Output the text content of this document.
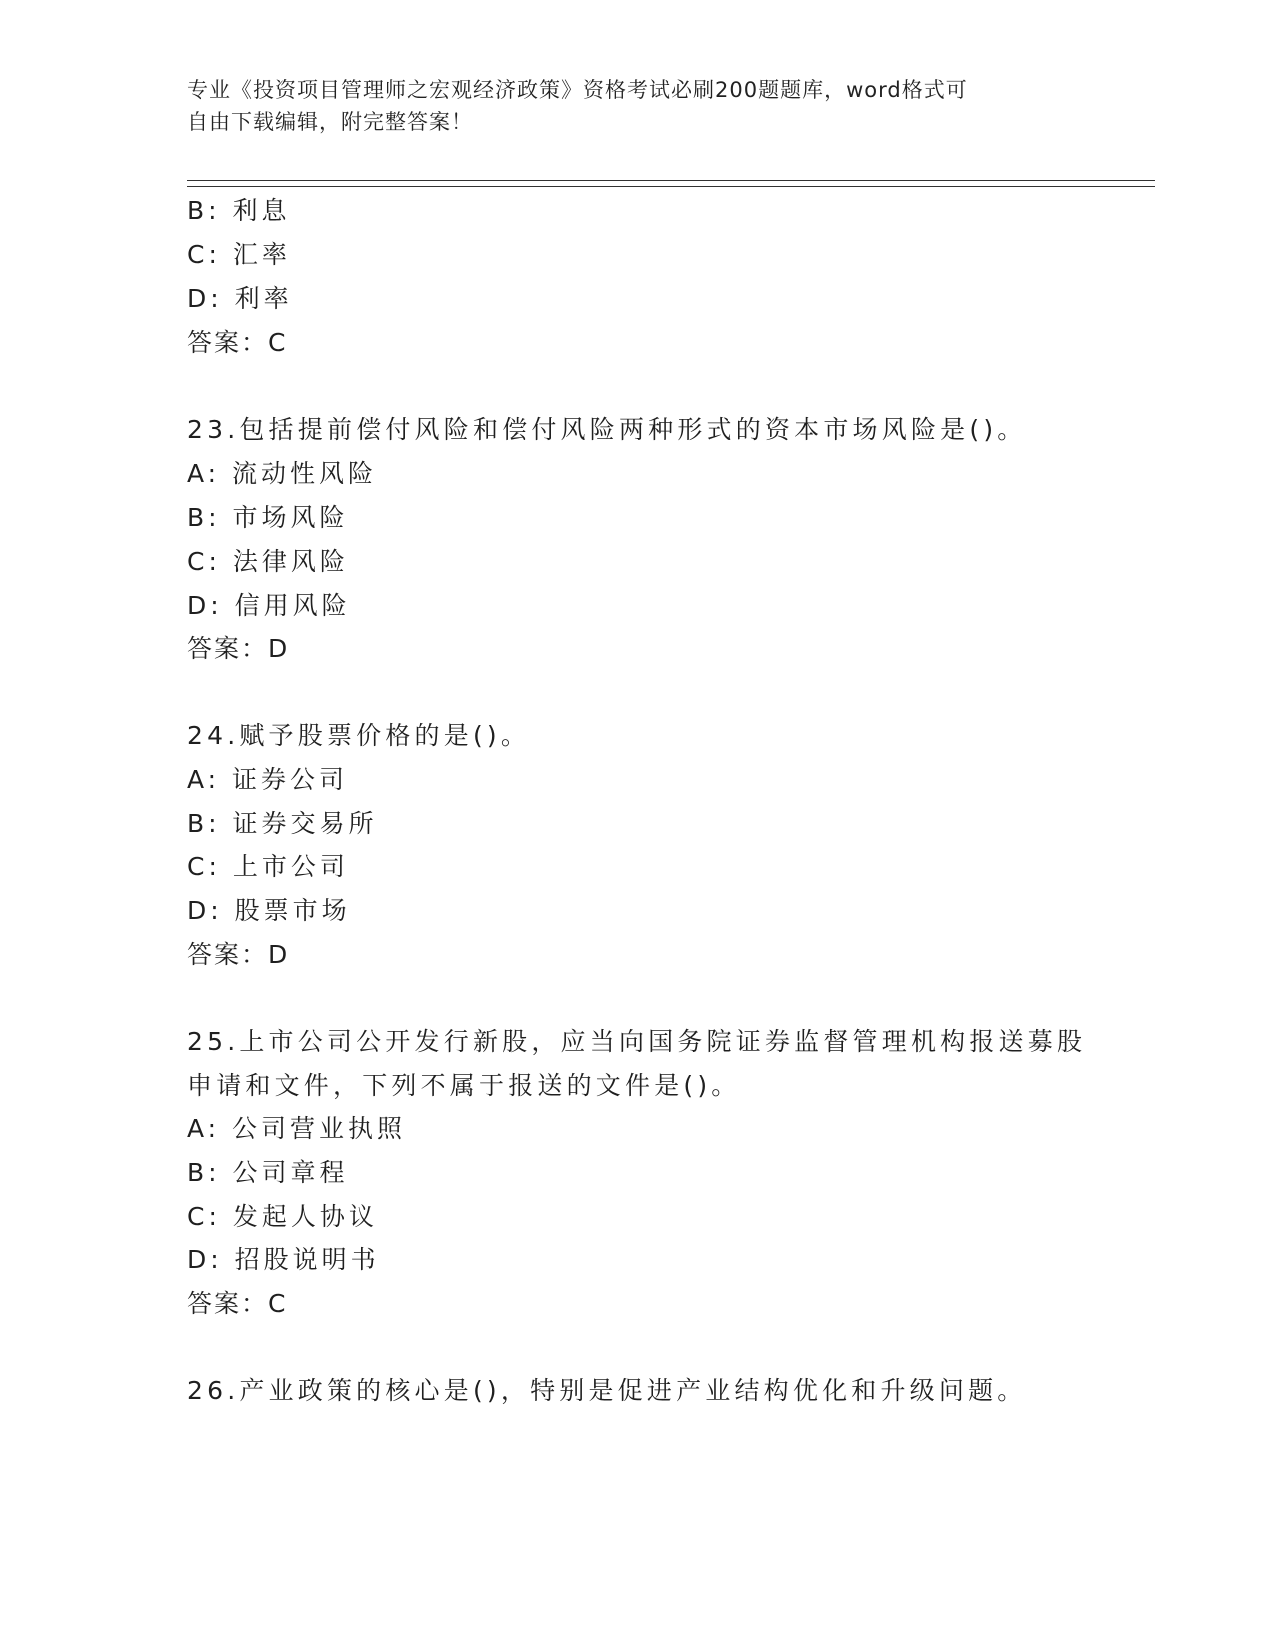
专业《投资项目管理师之宏观经济政策》资格考试必刷200题题库，word格式可
自由下载编辑，附完整答案！
B: 利息
C: 汇率
D: 利率
答案：C
23.包括提前偿付风险和偿付风险两种形式的资本市场风险是()。
A: 流动性风险
B: 市场风险
C: 法律风险
D: 信用风险
答案：D
24.赋予股票价格的是()。
A: 证券公司
B: 证券交易所
C: 上市公司
D: 股票市场
答案：D
25.上市公司公开发行新股，应当向国务院证券监督管理机构报送募股
申请和文件，下列不属于报送的文件是()。
A: 公司营业执照
B: 公司章程
C: 发起人协议
D: 招股说明书
答案：C
26.产业政策的核心是()，特别是促进产业结构优化和升级问题。
